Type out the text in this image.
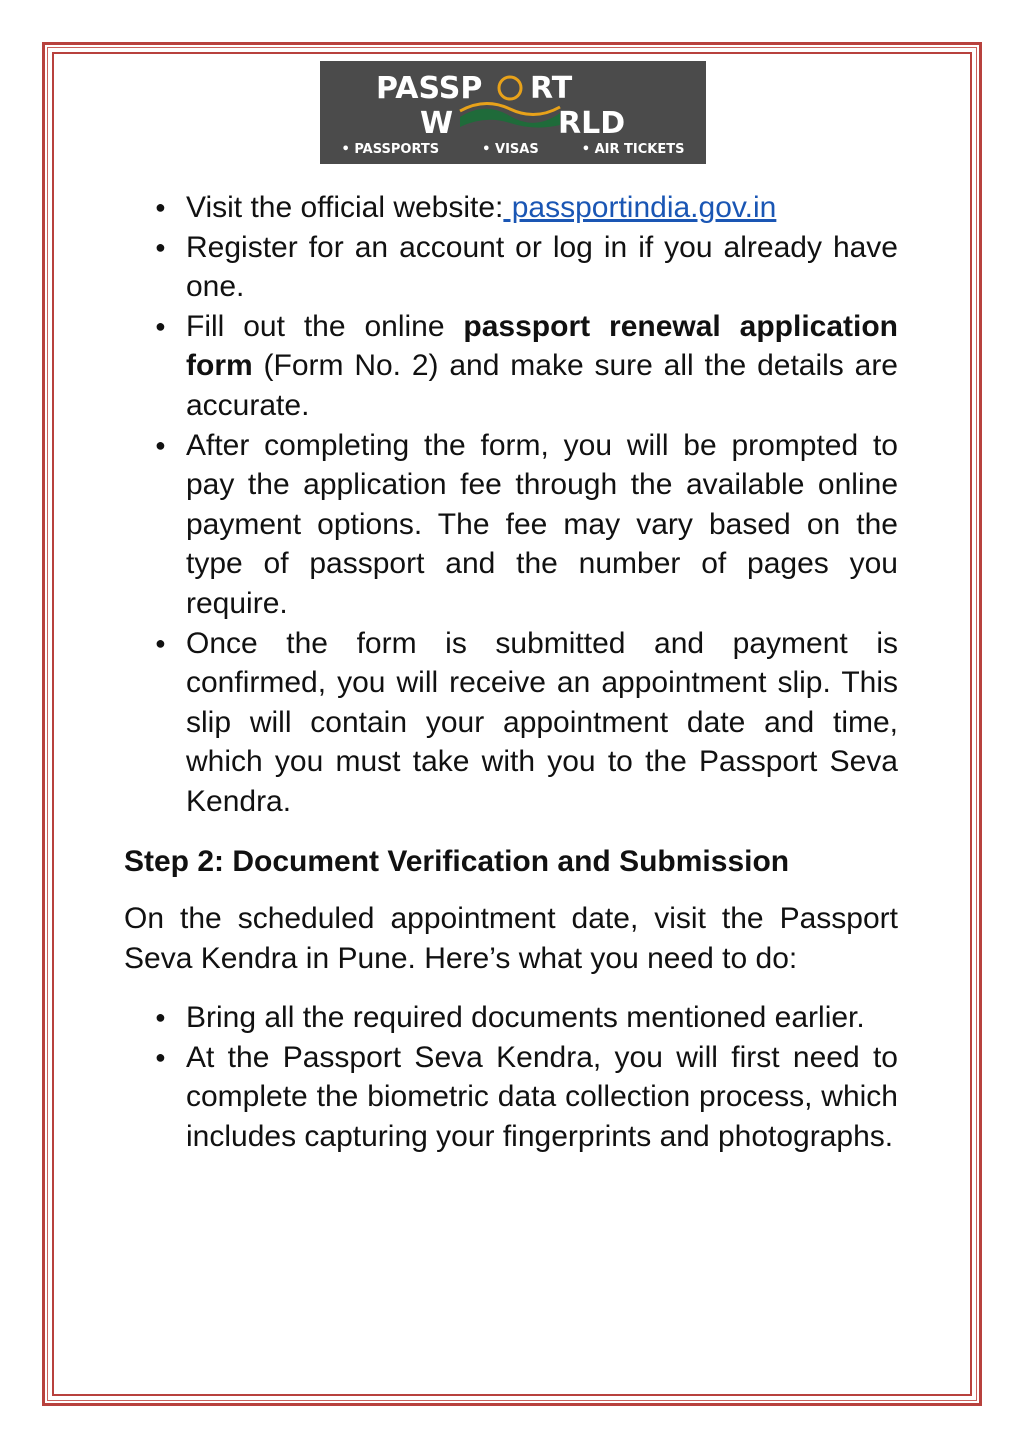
PASSP RT
W	RLD
• PASSPORTS	• VISAS	• AIR TICKETS
● Visit the official website: passportindia.gov.in
● Register for an account or log in if you already have one.
● Fill out the online passport renewal application form (Form No. 2) and make sure all the details are accurate.
● After completing the form, you will be prompted to pay the application fee through the available online payment options. The fee may vary based on the type of passport and the number of pages you require.
● Once the form is submitted and payment is confirmed, you will receive an appointment slip. This slip will contain your appointment date and time, which you must take with you to the Passport Seva Kendra.
Step 2: Document Verification and Submission

On the scheduled appointment date, visit the Passport Seva Kendra in Pune. Here’s what you need to do:

● Bring all the required documents mentioned earlier.
● At the Passport Seva Kendra, you will first need to complete the biometric data collection process, which includes capturing your fingerprints and photographs.
